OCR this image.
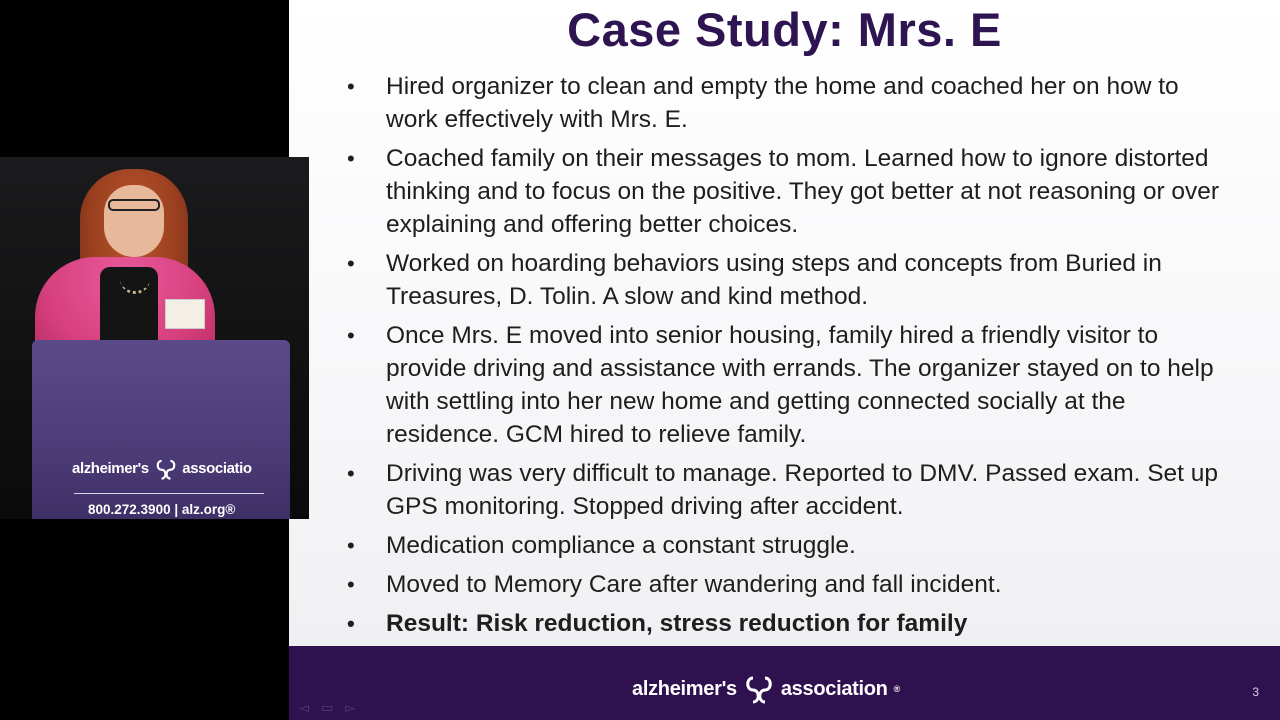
Case Study: Mrs. E
• Hired organizer to clean and empty the home and coached her on how to work effectively with Mrs. E.
• Coached family on their messages to mom. Learned how to ignore distorted thinking and to focus on the positive. They got better at not reasoning or over explaining and offering better choices.
• Worked on hoarding behaviors using steps and concepts from Buried in Treasures, D. Tolin. A slow and kind method.
• Once Mrs. E moved into senior housing, family hired a friendly visitor to provide driving and assistance with errands. The organizer stayed on to help with settling into her new home and getting connected socially at the residence. GCM hired to relieve family.
• Driving was very difficult to manage. Reported to DMV. Passed exam. Set up GPS monitoring. Stopped driving after accident.
• Medication compliance a constant struggle.
• Moved to Memory Care after wandering and fall incident.
• Result: Risk reduction, stress reduction for family
alzheimer's association ®
◅ ▭ ▻
3
alzheimer's associatio
800.272.3900 | alz.org®
